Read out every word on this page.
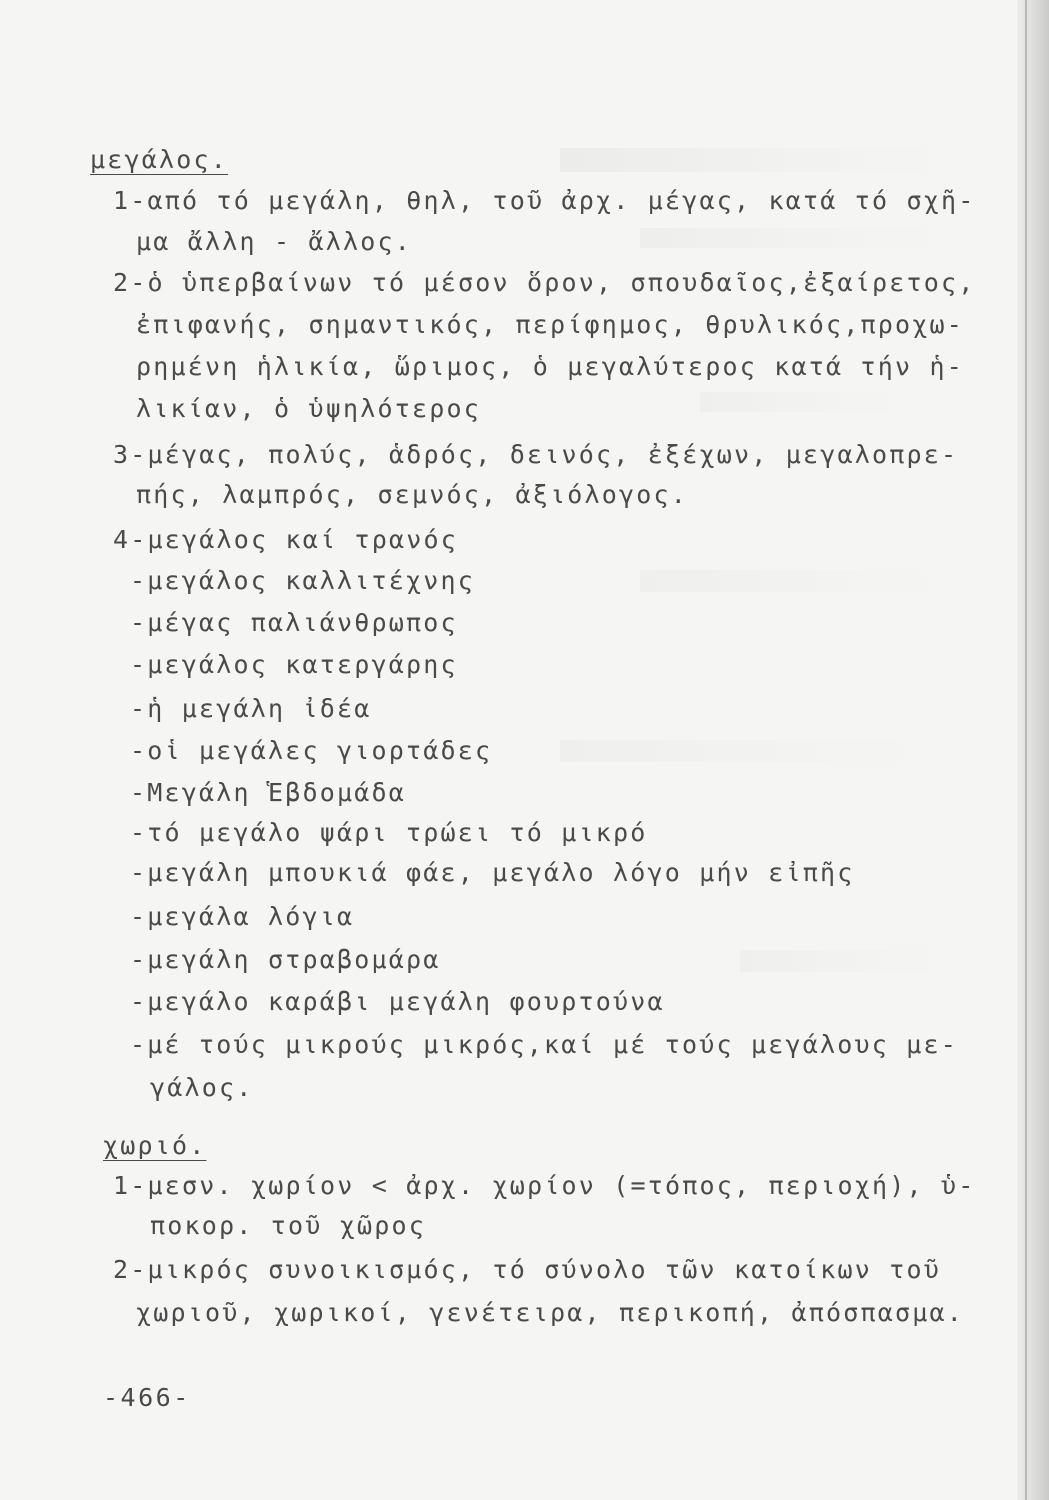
μεγάλος.
1-από τό μεγάλη, θηλ, τοῦ ἀρχ. μέγας, κατά τό σχῆ-
μα ἄλλη - ἄλλος.
2-ὁ ὑπερβαίνων τό μέσον ὅρον, σπουδαῖος,ἐξαίρετος,
ἐπιφανής, σημαντικός, περίφημος, θρυλικός,προχω-
ρημένη ἡλικία, ὥριμος, ὁ μεγαλύτερος κατά τήν ἡ-
λικίαν, ὁ ὑψηλότερος
3-μέγας, πολύς, ἁδρός, δεινός, ἐξέχων, μεγαλοπρε-
πής, λαμπρός, σεμνός, ἀξιόλογος.
4-μεγάλος καί τρανός
-μεγάλος καλλιτέχνης
-μέγας παλιάνθρωπος
-μεγάλος κατεργάρης
-ἡ μεγάλη ἰδέα
-οἱ μεγάλες γιορτάδες
-Μεγάλη Ἑβδομάδα
-τό μεγάλο ψάρι τρώει τό μικρό
-μεγάλη μπουκιά φάε, μεγάλο λόγο μήν εἰπῆς
-μεγάλα λόγια
-μεγάλη στραβομάρα
-μεγάλο καράβι μεγάλη φουρτούνα
-μέ τούς μικρούς μικρός,καί μέ τούς μεγάλους με-
γάλος.
χωριό.
1-μεσν. χωρίον < ἀρχ. χωρίον (=τόπος, περιοχή), ὑ-
ποκορ. τοῦ χῶρος
2-μικρός συνοικισμός, τό σύνολο τῶν κατοίκων τοῦ
χωριοῦ, χωρικοί, γενέτειρα, περικοπή, ἀπόσπασμα.
-466-
